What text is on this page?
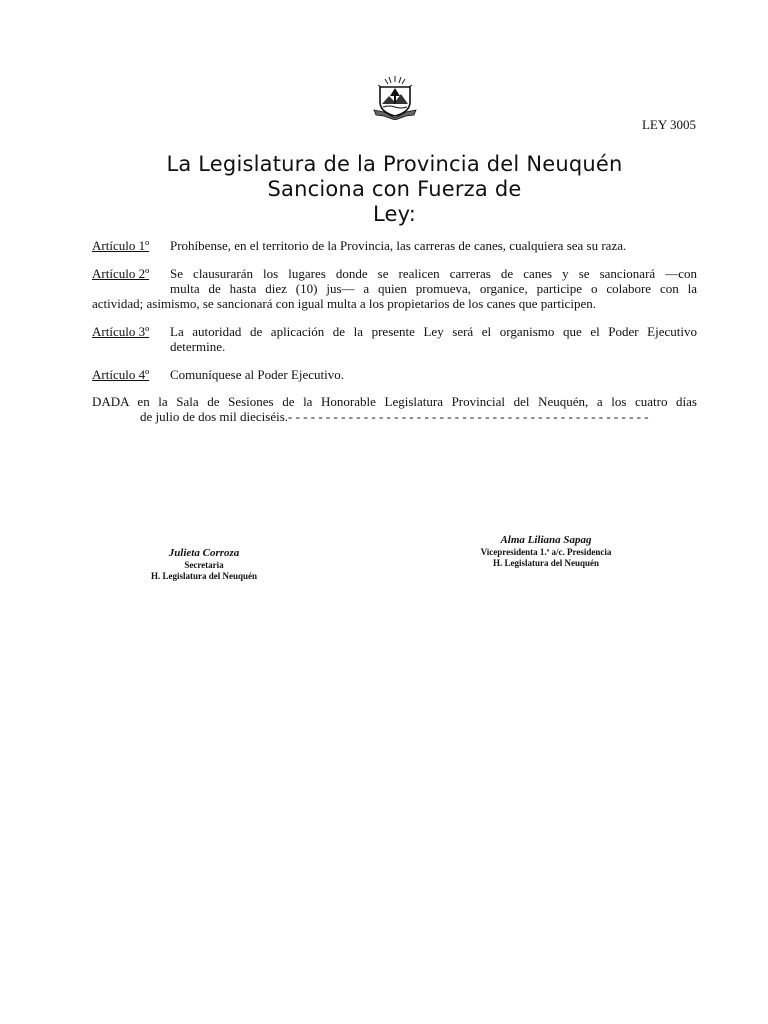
LEY 3005
La Legislatura de la Provincia del Neuquén
Sanciona con Fuerza de
Ley:
Artículo 1º Prohíbense, en el territorio de la Provincia, las carreras de canes, cualquiera sea su raza.
Artículo 2º	Se clausurarán los lugares donde se realicen carreras de canes y se sancionará —con
multa de hasta diez (10) jus— a quien promueva, organice, participe o colabore con la
actividad; asimismo, se sancionará con igual multa a los propietarios de los canes que participen.
Artículo 3º	La autoridad de aplicación de la presente Ley será el organismo que el Poder Ejecutivo
determine.
Artículo 4º Comuníquese al Poder Ejecutivo.
DADA en la Sala de Sesiones de la Honorable Legislatura Provincial del Neuquén, a los cuatro días
de julio de dos mil dieciséis.- - - - - - - - - - - - - - - - - - - - - - - - - - - - - - - - - - - - - - - - - - - - - - - -
Julieta Corroza
Secretaria
H. Legislatura del Neuquén
Alma Liliana Sapag
Vicepresidenta 1.ª a/c. Presidencia
H. Legislatura del Neuquén
